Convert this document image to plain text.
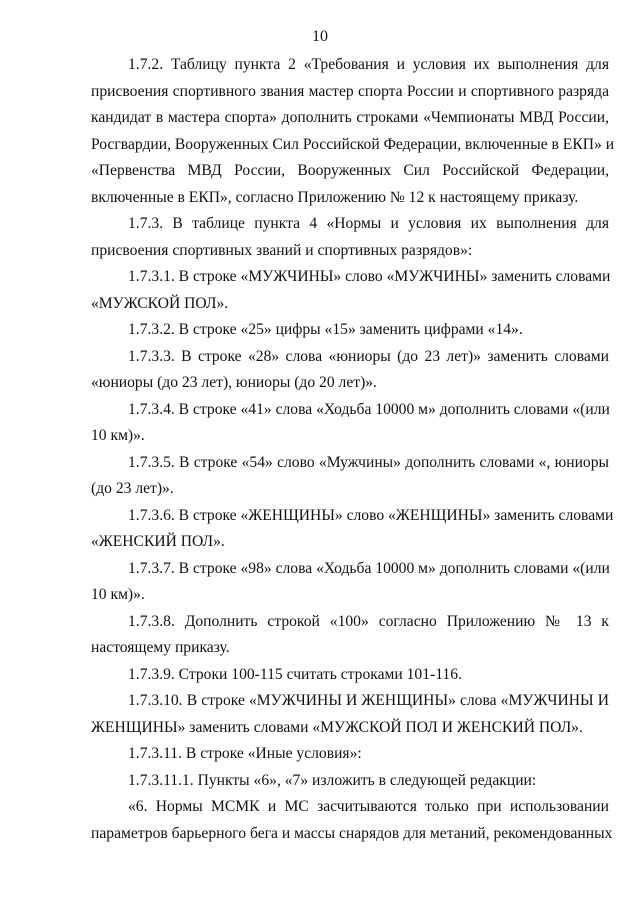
10
1.7.2. Таблицу пункта 2 «Требования и условия их выполнения для
присвоения спортивного звания мастер спорта России и спортивного разряда
кандидат в мастера спорта» дополнить строками «Чемпионаты МВД России,
Росгвардии, Вооруженных Сил Российской Федерации, включенные в ЕКП» и
«Первенства МВД России, Вооруженных Сил Российской Федерации,
включенные в ЕКП», согласно Приложению № 12 к настоящему приказу.
1.7.3. В таблице пункта 4 «Нормы и условия их выполнения для
присвоения спортивных званий и спортивных разрядов»:
1.7.3.1. В строке «МУЖЧИНЫ» слово «МУЖЧИНЫ» заменить словами
«МУЖСКОЙ ПОЛ».
1.7.3.2. В строке «25» цифры «15» заменить цифрами «14».
1.7.3.3. В строке «28» слова «юниоры (до 23 лет)» заменить словами
«юниоры (до 23 лет), юниоры (до 20 лет)».
1.7.3.4. В строке «41» слова «Ходьба 10000 м» дополнить словами «(или
10 км)».
1.7.3.5. В строке «54» слово «Мужчины» дополнить словами «, юниоры
(до 23 лет)».
1.7.3.6. В строке «ЖЕНЩИНЫ» слово «ЖЕНЩИНЫ» заменить словами
«ЖЕНСКИЙ ПОЛ».
1.7.3.7. В строке «98» слова «Ходьба 10000 м» дополнить словами «(или
10 км)».
1.7.3.8. Дополнить строкой «100» согласно Приложению № 13 к
настоящему приказу.
1.7.3.9. Строки 100-115 считать строками 101-116.
1.7.3.10. В строке «МУЖЧИНЫ И ЖЕНЩИНЫ» слова «МУЖЧИНЫ И
ЖЕНЩИНЫ» заменить словами «МУЖСКОЙ ПОЛ И ЖЕНСКИЙ ПОЛ».
1.7.3.11. В строке «Иные условия»:
1.7.3.11.1. Пункты «6», «7» изложить в следующей редакции:
«6. Нормы МСМК и МС засчитываются только при использовании
параметров барьерного бега и массы снарядов для метаний, рекомендованных
